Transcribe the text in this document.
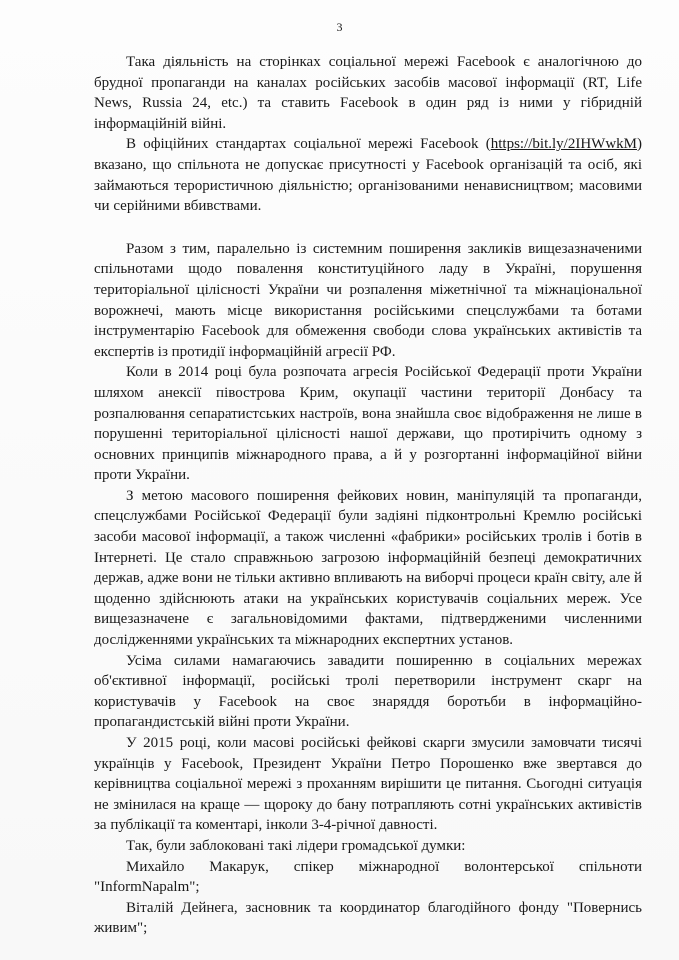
3

Така діяльність на сторінках соціальної мережі Facebook є аналогічною до брудної пропаганди на каналах російських засобів масової інформації (RT, Life News, Russia 24, etc.) та ставить Facebook в один ряд із ними у гібридній інформаційній війні.

В офіційних стандартах соціальної мережі Facebook (https://bit.ly/2IHWwkM) вказано, що спільнота не допускає присутності у Facebook організацій та осіб, які займаються терористичною діяльністю; організованими ненависництвом; масовими чи серійними вбивствами.

Разом з тим, паралельно із системним поширення закликів вищезазначеними спільнотами щодо повалення конституційного ладу в Україні, порушення територіальної цілісності України чи розпалення міжетнічної та міжнаціональної ворожнечі, мають місце використання російськими спецслужбами та ботами інструментарію Facebook для обмеження свободи слова українських активістів та експертів із протидії інформаційній агресії РФ.

Коли в 2014 році була розпочата агресія Російської Федерації проти України шляхом анексії півострова Крим, окупації частини території Донбасу та розпалювання сепаратистських настроїв, вона знайшла своє відображення не лише в порушенні територіальної цілісності нашої держави, що протирічить одному з основних принципів міжнародного права, а й у розгортанні інформаційної війни проти України.

З метою масового поширення фейкових новин, маніпуляцій та пропаганди, спецслужбами Російської Федерації були задіяні підконтрольні Кремлю російські засоби масової інформації, а також численні «фабрики» російських тролів і ботів в Інтернеті. Це стало справжньою загрозою інформаційній безпеці демократичних держав, адже вони не тільки активно впливають на виборчі процеси країн світу, але й щоденно здійснюють атаки на українських користувачів соціальних мереж. Усе вищезазначене є загальновідомими фактами, підтвердженими численними дослідженнями українських та міжнародних експертних установ.

Усіма силами намагаючись завадити поширенню в соціальних мережах об'єктивної інформації, російські тролі перетворили інструмент скарг на користувачів у Facebook на своє знаряддя боротьби в інформаційно-пропагандистській війні проти України.

У 2015 році, коли масові російські фейкові скарги змусили замовчати тисячі українців у Facebook, Президент України Петро Порошенко вже звертався до керівництва соціальної мережі з проханням вирішити це питання. Сьогодні ситуація не змінилася на краще — щороку до бану потрапляють сотні українських активістів за публікації та коментарі, інколи 3-4-річної давності.

Так, були заблоковані такі лідери громадської думки:

Михайло Макарук, спікер міжнародної волонтерської спільноти "InformNapalm";

Віталій Дейнега, засновник та координатор благодійного фонду "Повернись живим";
